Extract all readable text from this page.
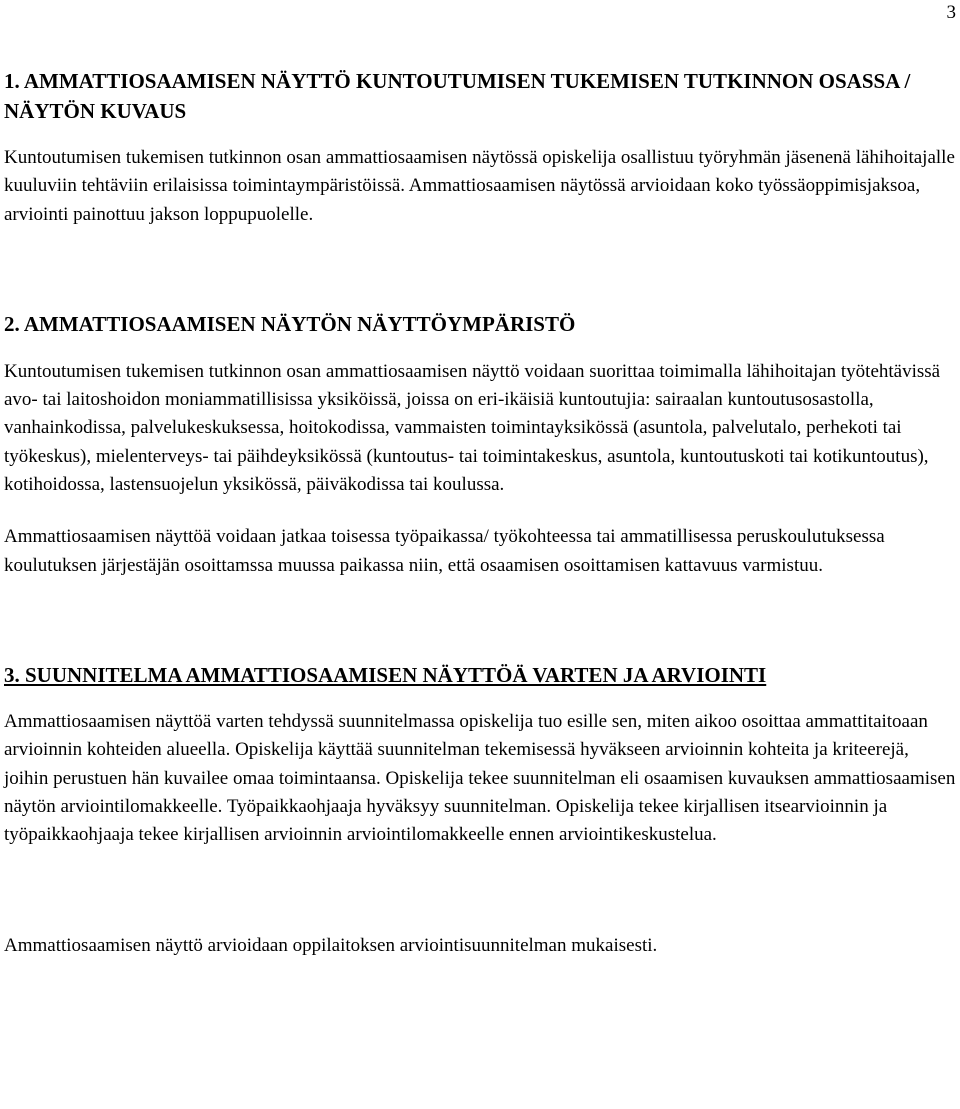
3
1. AMMATTIOSAAMISEN NÄYTTÖ KUNTOUTUMISEN TUKEMISEN TUTKINNON OSASSA / NÄYTÖN KUVAUS

Kuntoutumisen tukemisen tutkinnon osan ammattiosaamisen näytössä opiskelija osallistuu työryhmän jäsenenä lähihoitajalle kuuluviin tehtäviin erilaisissa toimintaympäristöissä. Ammattiosaamisen näytössä arvioidaan koko työssäoppimisjaksoa, arviointi painottuu jakson loppupuolelle.

2. AMMATTIOSAAMISEN NÄYTÖN NÄYTTÖYMPÄRISTÖ

Kuntoutumisen tukemisen tutkinnon osan ammattiosaamisen näyttö voidaan suorittaa toimimalla lähihoitajan työtehtävissä avo- tai laitoshoidon moniammatillisissa yksiköissä, joissa on eri-ikäisiä kuntoutujia: sairaalan kuntoutusosastolla, vanhainkodissa, palvelukeskuksessa, hoitokodissa, vammaisten toimintayksikössä (asuntola, palvelutalo, perhekoti tai työkeskus), mielenterveys- tai päihdeyksikössä (kuntoutus- tai toimintakeskus, asuntola, kuntoutuskoti tai kotikuntoutus), kotihoidossa, lastensuojelun yksikössä, päiväkodissa tai koulussa.

Ammattiosaamisen näyttöä voidaan jatkaa toisessa työpaikassa/ työkohteessa tai ammatillisessa peruskoulutuksessa koulutuksen järjestäjän osoittamssa muussa paikassa niin, että osaamisen osoittamisen kattavuus varmistuu.

3. SUUNNITELMA AMMATTIOSAAMISEN NÄYTTÖÄ VARTEN JA ARVIOINTI

Ammattiosaamisen näyttöä varten tehdyssä suunnitelmassa opiskelija tuo esille sen, miten aikoo osoittaa ammattitaitoaan arvioinnin kohteiden alueella. Opiskelija käyttää suunnitelman tekemisessä hyväkseen arvioinnin kohteita ja kriteerejä, joihin perustuen hän kuvailee omaa toimintaansa. Opiskelija tekee suunnitelman eli osaamisen kuvauksen ammattiosaamisen näytön arviointilomakkeelle. Työpaikkaohjaaja hyväksyy suunnitelman. Opiskelija tekee kirjallisen itsearvioinnin ja työpaikkaohjaaja tekee kirjallisen arvioinnin arviointilomakkeelle ennen arviointikeskustelua.

Ammattiosaamisen näyttö arvioidaan oppilaitoksen arviointisuunnitelman mukaisesti.
